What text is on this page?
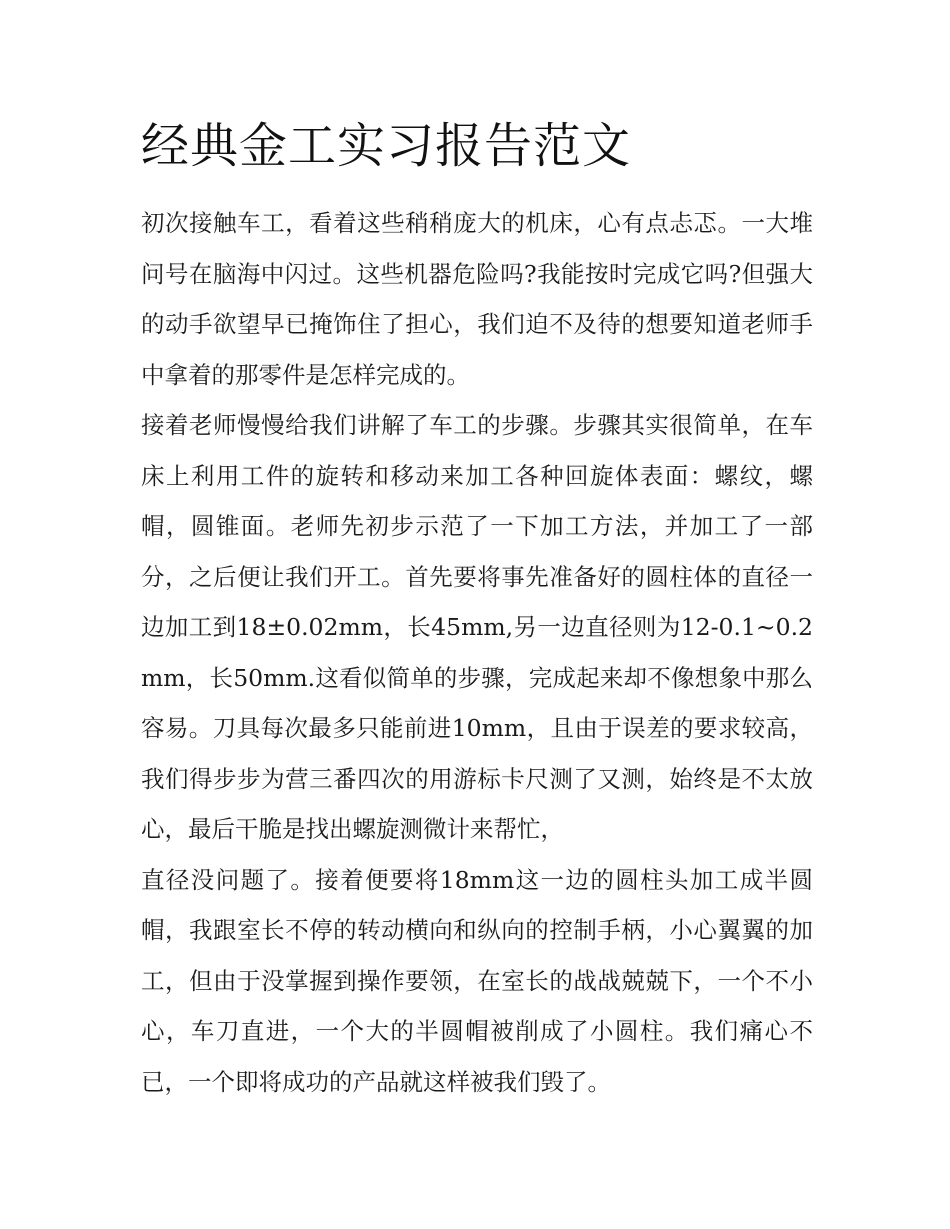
经典金工实习报告范文

初次接触车工，看着这些稍稍庞大的机床，心有点忐忑。一大堆问号在脑海中闪过。这些机器危险吗?我能按时完成它吗?但强大的动手欲望早已掩饰住了担心，我们迫不及待的想要知道老师手中拿着的那零件是怎样完成的。

接着老师慢慢给我们讲解了车工的步骤。步骤其实很简单，在车床上利用工件的旋转和移动来加工各种回旋体表面：螺纹，螺帽，圆锥面。老师先初步示范了一下加工方法，并加工了一部分，之后便让我们开工。首先要将事先准备好的圆柱体的直径一边加工到18±0.02mm，长45mm,另一边直径则为12-0.1~0.2mm，长50mm.这看似简单的步骤，完成起来却不像想象中那么容易。刀具每次最多只能前进10mm，且由于误差的要求较高，我们得步步为营三番四次的用游标卡尺测了又测，始终是不太放心，最后干脆是找出螺旋测微计来帮忙，

直径没问题了。接着便要将18mm这一边的圆柱头加工成半圆帽，我跟室长不停的转动横向和纵向的控制手柄，小心翼翼的加工，但由于没掌握到操作要领，在室长的战战兢兢下，一个不小心，车刀直进，一个大的半圆帽被削成了小圆柱。我们痛心不已，一个即将成功的产品就这样被我们毁了。
